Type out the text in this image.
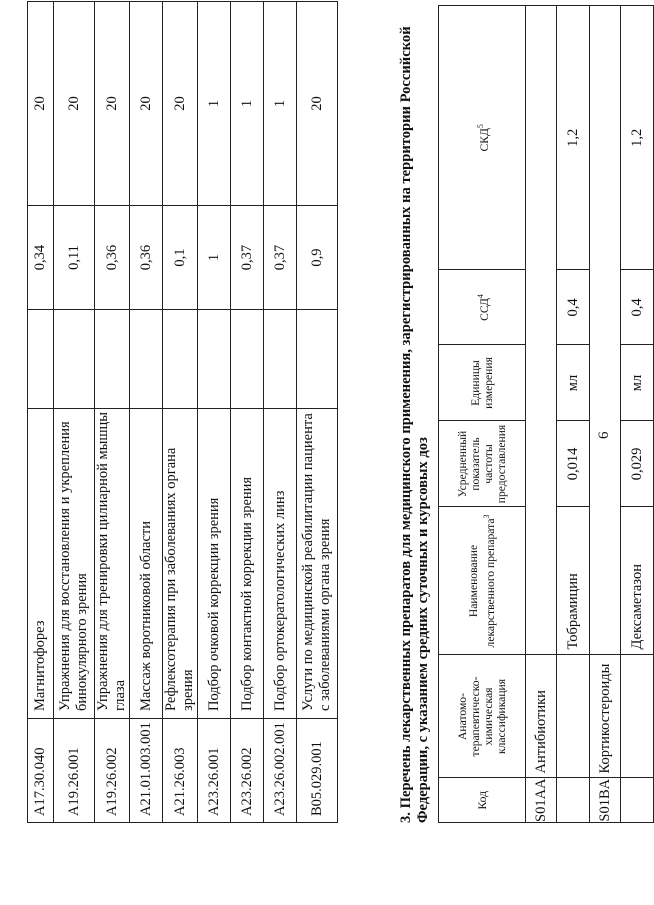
6
A17.30.040	Магнитофорез		0,34	20
A19.26.001	Упражнения для восстановления и укрепления бинокулярного зрения		0,11	20
A19.26.002	Упражнения для тренировки цилиарной мышцы глаза		0,36	20
A21.01.003.001	Массаж воротниковой области		0,36	20
A21.26.003	Рефлексотерапия при заболеваниях органа зрения		0,1	20
A23.26.001	Подбор очковой коррекции зрения		1	1
A23.26.002	Подбор контактной коррекции зрения		0,37	1
A23.26.002.001	Подбор ортокератологических линз		0,37	1
B05.029.001	Услуги по медицинской реабилитации пациента с заболеваниями органа зрения		0,9	20
3. Перечень лекарственных препаратов для медицинского применения, зарегистрированных на территории Российской Федерации, с указанием средних суточных и курсовых доз	Код	Анатомо-терапевтическо-химическая классификация	Наименование лекарственного препарата$^3$	Усредненный показатель частоты предоставления	Единицы измерения	ССД$^4$	СКД$^5$
S01AA	Антибиотики					
		Тобрамицин	0,014	мл	0,4	1,2
S01BA	Кортикостероиды					
		Дексаметазон	0,029	мл	0,4	1,2
